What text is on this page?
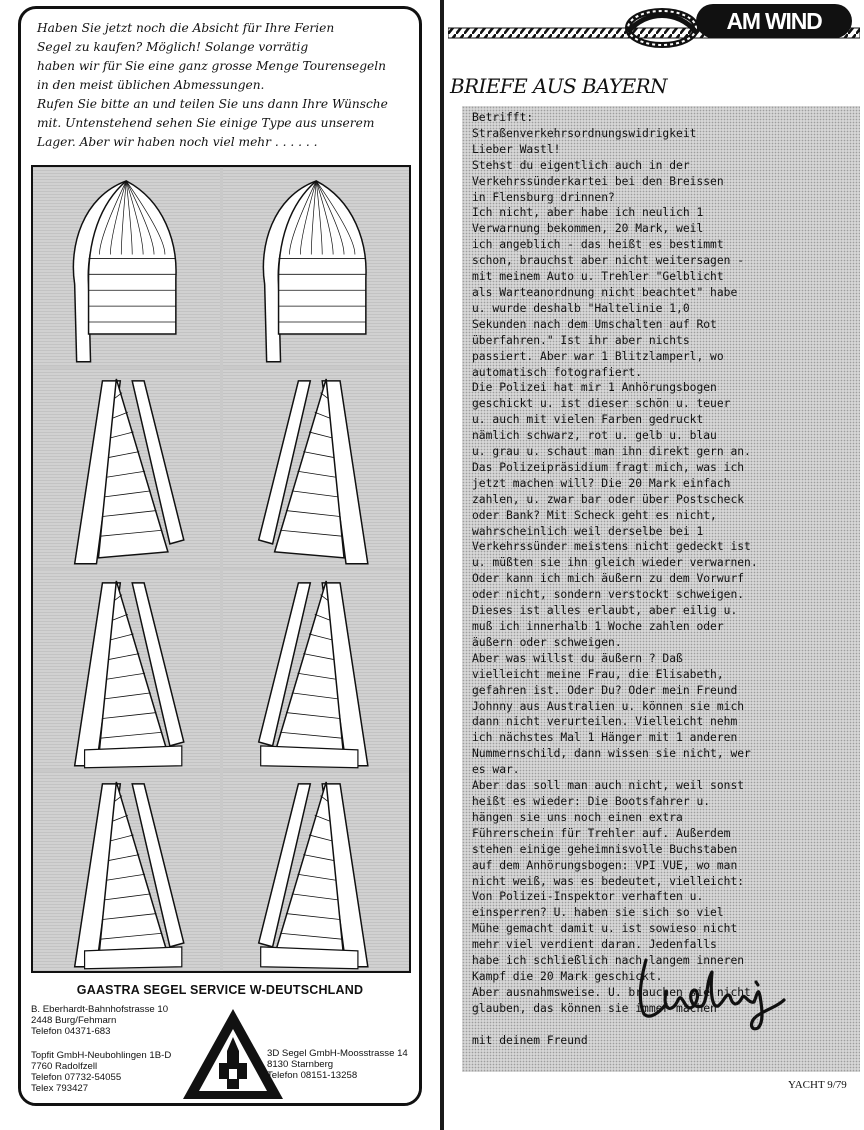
Haben Sie jetzt noch die Absicht für Ihre Ferien
Segel zu kaufen? Möglich! Solange vorrätig
haben wir für Sie eine ganz grosse Menge Tourensegeln
in den meist üblichen Abmessungen.
Rufen Sie bitte an und teilen Sie uns dann Ihre Wünsche
mit. Untenstehend sehen Sie einige Type aus unserem
Lager. Aber wir haben noch viel mehr . . . . . .
GAASTRA SEGEL SERVICE W-DEUTSCHLAND
B. Eberhardt-Bahnhofstrasse 10
2448 Burg/Fehmarn
Telefon 04371-683
Topfit GmbH-Neubohlingen 1B-D
7760 Radolfzell
Telefon 07732-54055
Telex 793427
3D Segel GmbH-Moosstrasse 14
8130 Starnberg
Telefon 08151-13258
AM WIND
BRIEFE AUS BAYERN
Betrifft:
Straßenverkehrsordnungswidrigkeit
Lieber Wastl!
Stehst du eigentlich auch in der
Verkehrssünderkartei bei den Breissen
in Flensburg drinnen?
Ich nicht, aber habe ich neulich 1
Verwarnung bekommen, 20 Mark, weil
ich angeblich - das heißt es bestimmt
schon, brauchst aber nicht weitersagen -
mit meinem Auto u. Trehler "Gelblicht
als Warteanordnung nicht beachtet" habe
u. wurde deshalb "Haltelinie 1,0
Sekunden nach dem Umschalten auf Rot
überfahren." Ist ihr aber nichts
passiert. Aber war 1 Blitzlamperl, wo
automatisch fotografiert.
Die Polizei hat mir 1 Anhörungsbogen
geschickt u. ist dieser schön u. teuer
u. auch mit vielen Farben gedruckt
nämlich schwarz, rot u. gelb u. blau
u. grau u. schaut man ihn direkt gern an.
Das Polizeipräsidium fragt mich, was ich
jetzt machen will? Die 20 Mark einfach
zahlen, u. zwar bar oder über Postscheck
oder Bank? Mit Scheck geht es nicht,
wahrscheinlich weil derselbe bei 1
Verkehrssünder meistens nicht gedeckt ist
u. müßten sie ihn gleich wieder verwarnen.
Oder kann ich mich äußern zu dem Vorwurf
oder nicht, sondern verstockt schweigen.
Dieses ist alles erlaubt, aber eilig u.
muß ich innerhalb 1 Woche zahlen oder
äußern oder schweigen.
Aber was willst du äußern ? Daß
vielleicht meine Frau, die Elisabeth,
gefahren ist. Oder Du? Oder mein Freund
Johnny aus Australien u. können sie mich
dann nicht verurteilen. Vielleicht nehm
ich nächstes Mal 1 Hänger mit 1 anderen
Nummernschild, dann wissen sie nicht, wer
es war.
Aber das soll man auch nicht, weil sonst
heißt es wieder: Die Bootsfahrer u.
hängen sie uns noch einen extra
Führerschein für Trehler auf. Außerdem
stehen einige geheimnisvolle Buchstaben
auf dem Anhörungsbogen: VPI VUE, wo man
nicht weiß, was es bedeutet, vielleicht:
Von Polizei-Inspektor verhaften u.
einsperren? U. haben sie sich so viel
Mühe gemacht damit u. ist sowieso nicht
mehr viel verdient daran. Jedenfalls
habe ich schließlich nach langem inneren
Kampf die 20 Mark geschickt.
Aber ausnahmsweise. U. brauchen sie nicht
glauben, das können sie immer machen
mit deinem Freund
YACHT 9/79
